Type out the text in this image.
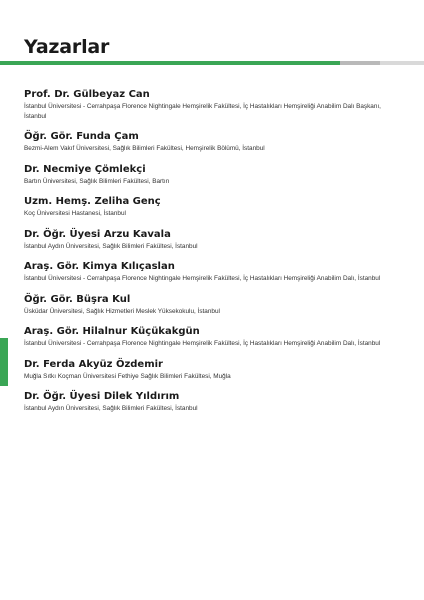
Yazarlar
Prof. Dr. Gülbeyaz Can
İstanbul Üniversitesi - Cerrahpaşa Florence Nightingale Hemşirelik Fakültesi, İç Hastalıkları Hemşireliği Anabilim Dalı Başkanı, İstanbul
Öğr. Gör. Funda Çam
Bezmi-Alem Vakıf Üniversitesi, Sağlık Bilimleri Fakültesi, Hemşirelik Bölümü, İstanbul
Dr. Necmiye Çömlekçi
Bartın Üniversitesi, Sağlık Bilimleri Fakültesi, Bartın
Uzm. Hemş. Zeliha Genç
Koç Üniversitesi Hastanesi, İstanbul
Dr. Öğr. Üyesi Arzu Kavala
İstanbul Aydın Üniversitesi, Sağlık Bilimleri Fakültesi, İstanbul
Araş. Gör. Kimya Kılıçaslan
İstanbul Üniversitesi - Cerrahpaşa Florence Nightingale Hemşirelik Fakültesi, İç Hastalıkları Hemşireliği Anabilim Dalı, İstanbul
Öğr. Gör. Büşra Kul
Üsküdar Üniversitesi, Sağlık Hizmetleri Meslek Yüksekokulu, İstanbul
Araş. Gör. Hilalnur Küçükakgün
İstanbul Üniversitesi - Cerrahpaşa Florence Nightingale Hemşirelik Fakültesi, İç Hastalıkları Hemşireliği Anabilim Dalı, İstanbul
Dr. Ferda Akyüz Özdemir
Muğla Sıtkı Koçman Üniversitesi Fethiye Sağlık Bilimleri Fakültesi, Muğla
Dr. Öğr. Üyesi Dilek Yıldırım
İstanbul Aydın Üniversitesi, Sağlık Bilimleri Fakültesi, İstanbul
